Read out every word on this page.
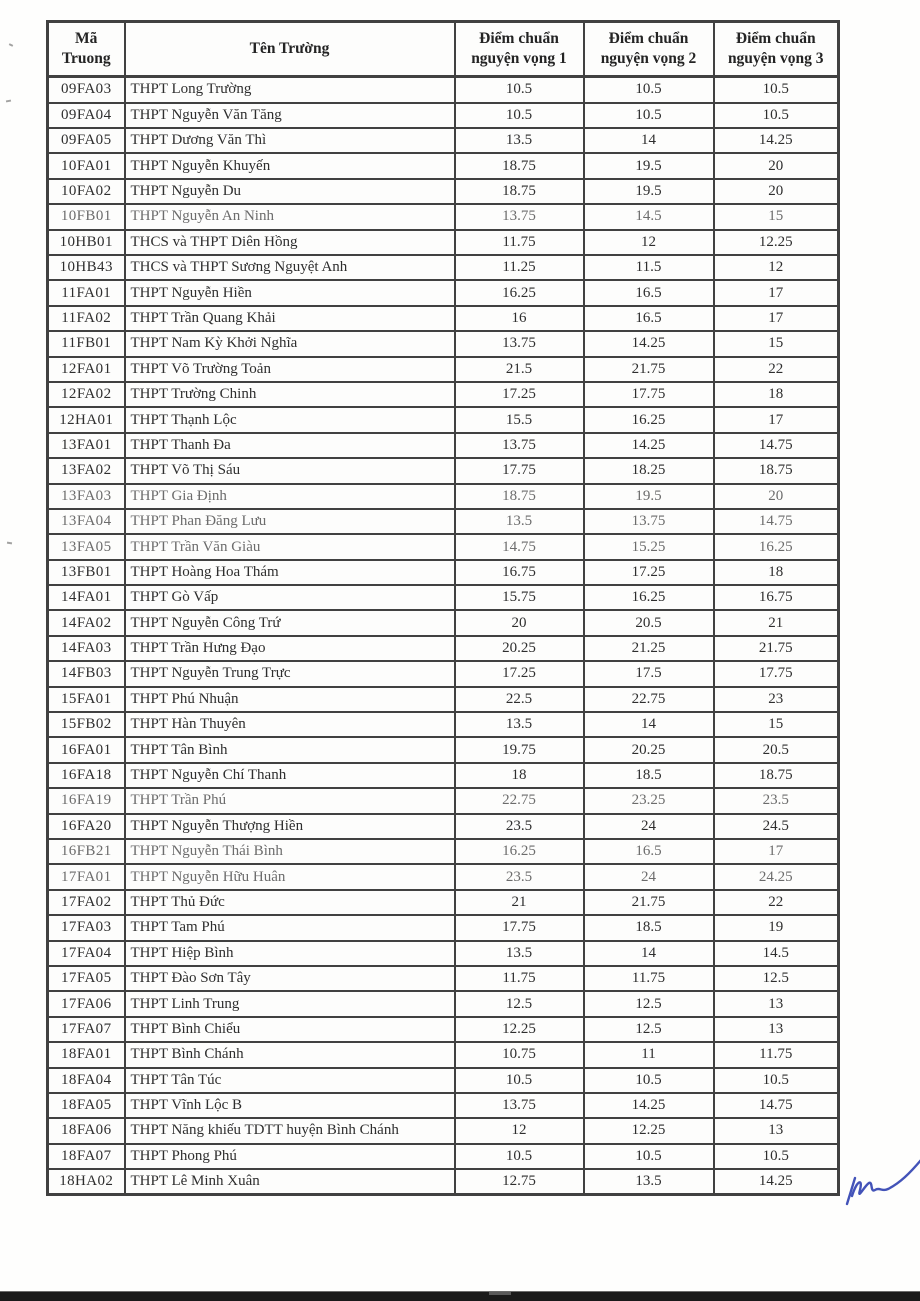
Mã Truong	Tên Trường	Điểm chuẩn nguyện vọng 1	Điểm chuẩn nguyện vọng 2	Điểm chuẩn nguyện vọng 3
09FA03	THPT Long Trường	10.5	10.5	10.5
09FA04	THPT Nguyễn Văn Tăng	10.5	10.5	10.5
09FA05	THPT Dương Văn Thì	13.5	14	14.25
10FA01	THPT Nguyễn Khuyến	18.75	19.5	20
10FA02	THPT Nguyễn Du	18.75	19.5	20
10FB01	THPT Nguyễn An Ninh	13.75	14.5	15
10HB01	THCS và THPT Diên Hồng	11.75	12	12.25
10HB43	THCS và THPT Sương Nguyệt Anh	11.25	11.5	12
11FA01	THPT Nguyễn Hiền	16.25	16.5	17
11FA02	THPT Trần Quang Khải	16	16.5	17
11FB01	THPT Nam Kỳ Khởi Nghĩa	13.75	14.25	15
12FA01	THPT Võ Trường Toản	21.5	21.75	22
12FA02	THPT Trường Chinh	17.25	17.75	18
12HA01	THPT Thạnh Lộc	15.5	16.25	17
13FA01	THPT Thanh Đa	13.75	14.25	14.75
13FA02	THPT Võ Thị Sáu	17.75	18.25	18.75
13FA03	THPT Gia Định	18.75	19.5	20
13FA04	THPT Phan Đăng Lưu	13.5	13.75	14.75
13FA05	THPT Trần Văn Giàu	14.75	15.25	16.25
13FB01	THPT Hoàng Hoa Thám	16.75	17.25	18
14FA01	THPT Gò Vấp	15.75	16.25	16.75
14FA02	THPT Nguyễn Công Trứ	20	20.5	21
14FA03	THPT Trần Hưng Đạo	20.25	21.25	21.75
14FB03	THPT Nguyễn Trung Trực	17.25	17.5	17.75
15FA01	THPT Phú Nhuận	22.5	22.75	23
15FB02	THPT Hàn Thuyên	13.5	14	15
16FA01	THPT Tân Bình	19.75	20.25	20.5
16FA18	THPT Nguyễn Chí Thanh	18	18.5	18.75
16FA19	THPT Trần Phú	22.75	23.25	23.5
16FA20	THPT Nguyễn Thượng Hiền	23.5	24	24.5
16FB21	THPT Nguyễn Thái Bình	16.25	16.5	17
17FA01	THPT Nguyễn Hữu Huân	23.5	24	24.25
17FA02	THPT Thủ Đức	21	21.75	22
17FA03	THPT Tam Phú	17.75	18.5	19
17FA04	THPT Hiệp Bình	13.5	14	14.5
17FA05	THPT Đào Sơn Tây	11.75	11.75	12.5
17FA06	THPT Linh Trung	12.5	12.5	13
17FA07	THPT Bình Chiểu	12.25	12.5	13
18FA01	THPT Bình Chánh	10.75	11	11.75
18FA04	THPT Tân Túc	10.5	10.5	10.5
18FA05	THPT Vĩnh Lộc B	13.75	14.25	14.75
18FA06	THPT Năng khiếu TDTT huyện Bình Chánh	12	12.25	13
18FA07	THPT Phong Phú	10.5	10.5	10.5
18HA02	THPT Lê Minh Xuân	12.75	13.5	14.25
